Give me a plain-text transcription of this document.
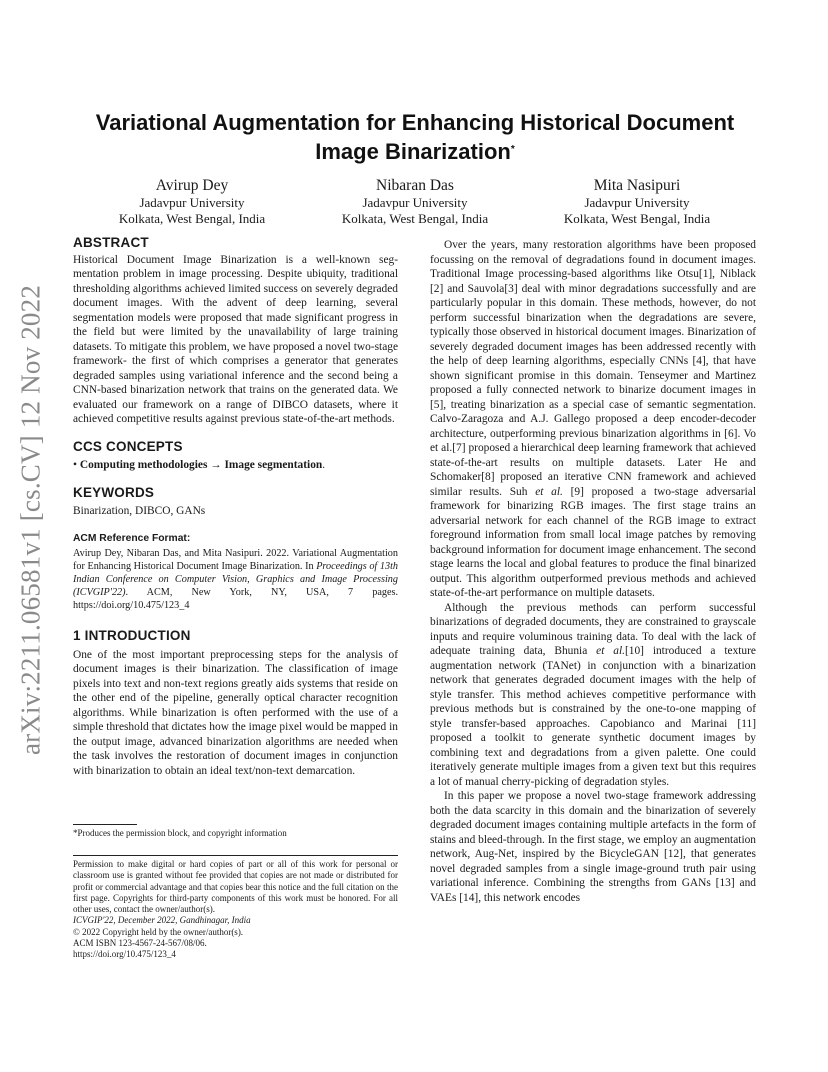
arXiv:2211.06581v1 [cs.CV] 12 Nov 2022
Variational Augmentation for Enhancing Historical Document
Image Binarization*
Avirup Dey
Jadavpur University
Kolkata, West Bengal, India
Nibaran Das
Jadavpur University
Kolkata, West Bengal, India
Mita Nasipuri
Jadavpur University
Kolkata, West Bengal, India
ABSTRACT

Historical Document Image Binarization is a well-known seg- mentation problem in image processing. Despite ubiquity, traditional thresholding algorithms achieved limited success on severely degraded document images. With the advent of deep learning, several segmentation models were proposed that made significant progress in the field but were limited by the unavailability of large training datasets. To mitigate this problem, we have proposed a novel two-stage framework- the first of which comprises a generator that generates degraded samples using variational inference and the second being a CNN-based binarization network that trains on the generated data. We evaluated our framework on a range of DIBCO datasets, where it achieved competitive results against previous state-of-the-art methods.

CCS CONCEPTS

• Computing methodologies → Image segmentation.

KEYWORDS

Binarization, DIBCO, GANs

ACM Reference Format:

Avirup Dey, Nibaran Das, and Mita Nasipuri. 2022. Variational Augmentation for Enhancing Historical Document Image Binarization. In Proceedings of 13th Indian Conference on Computer Vision, Graphics and Image Processing (ICVGIP'22). ACM, New York, NY, USA, 7 pages. https://doi.org/10.475/123_4

1 INTRODUCTION

One of the most important preprocessing steps for the analysis of document images is their binarization. The classification of image pixels into text and non-text regions greatly aids systems that reside on the other end of the pipeline, generally optical character recognition algorithms. While binarization is often performed with the use of a simple threshold that dictates how the image pixel would be mapped in the output image, advanced binarization algorithms are needed when the task involves the restoration of document images in conjunction with binarization to obtain an ideal text/non-text demarcation.

*Produces the permission block, and copyright information

Permission to make digital or hard copies of part or all of this work for personal or classroom use is granted without fee provided that copies are not made or distributed for profit or commercial advantage and that copies bear this notice and the full citation on the first page. Copyrights for third-party components of this work must be honored. For all other uses, contact the owner/author(s).

ICVGIP'22, December 2022, Gandhinagar, India

© 2022 Copyright held by the owner/author(s).

ACM ISBN 123-4567-24-567/08/06.

https://doi.org/10.475/123_4

Over the years, many restoration algorithms have been proposed focussing on the removal of degradations found in document images. Traditional Image processing-based algorithms like Otsu[1], Niblack [2] and Sauvola[3] deal with minor degradations successfully and are particularly popular in this domain. These methods, however, do not perform successful binarization when the degradations are severe, typically those observed in historical document images. Binarization of severely degraded document images has been addressed recently with the help of deep learning algorithms, especially CNNs [4], that have shown significant promise in this domain. Tenseymer and Martinez proposed a fully connected network to binarize document images in [5], treating binarization as a special case of semantic segmentation. Calvo-Zaragoza and A.J. Gallego proposed a deep encoder-decoder architecture, outperforming previous binarization algorithms in [6]. Vo et al.[7] proposed a hierarchical deep learning framework that achieved state-of-the-art results on multiple datasets. Later He and Schomaker[8] proposed an iterative CNN framework and achieved similar results. Suh et al. [9] proposed a two-stage adversarial framework for binarizing RGB images. The first stage trains an adversarial network for each channel of the RGB image to extract foreground information from small local image patches by removing background information for document image enhancement. The second stage learns the local and global features to produce the final binarized output. This algorithm outperformed previous methods and achieved state-of-the-art performance on multiple datasets.

Although the previous methods can perform successful binarizations of degraded documents, they are constrained to grayscale inputs and require voluminous training data. To deal with the lack of adequate training data, Bhunia et al.[10] introduced a texture augmentation network (TANet) in conjunction with a binarization network that generates degraded document images with the help of style transfer. This method achieves competitive performance with previous methods but is constrained by the one-to-one mapping of style transfer-based approaches. Capobianco and Marinai [11] proposed a toolkit to generate synthetic document images by combining text and degradations from a given palette. One could iteratively generate multiple images from a given text but this requires a lot of manual cherry-picking of degradation styles.

In this paper we propose a novel two-stage framework addressing both the data scarcity in this domain and the binarization of severely degraded document images containing multiple artefacts in the form of stains and bleed-through. In the first stage, we employ an augmentation network, Aug-Net, inspired by the BicycleGAN [12], that generates novel degraded samples from a single image-ground truth pair using variational inference. Combining the strengths from GANs [13] and VAEs [14], this network encodes
